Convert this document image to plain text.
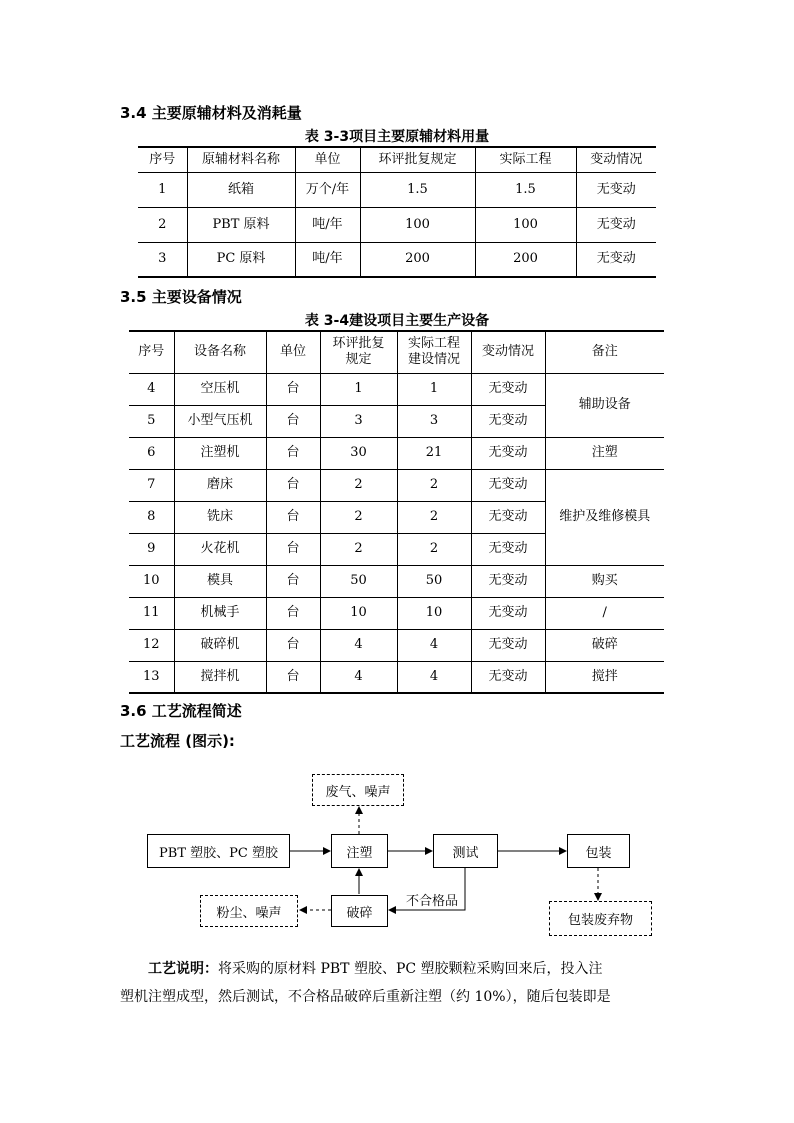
3.4 主要原辅材料及消耗量
表 3-3项目主要原辅材料用量
序号	原辅材料名称	单位	环评批复规定	实际工程	变动情况
1	纸箱	万个/年	1.5	1.5	无变动
2	PBT 原料	吨/年	100	100	无变动
3	PC 原料	吨/年	200	200	无变动
3.5 主要设备情况
表 3-4建设项目主要生产设备
序号	设备名称	单位	环评批复规定	实际工程建设情况	变动情况	备注
4	空压机	台	1	1	无变动	辅助设备
5	小型气压机	台	3	3	无变动	
6	注塑机	台	30	21	无变动	注塑
7	磨床	台	2	2	无变动	维护及维修模具
8	铣床	台	2	2	无变动	
9	火花机	台	2	2	无变动	
10	模具	台	50	50	无变动	购买
11	机械手	台	10	10	无变动	/
12	破碎机	台	4	4	无变动	破碎
13	搅拌机	台	4	4	无变动	搅拌
3.6 工艺流程简述
工艺流程 (图示):
PBT 塑胶、PC 塑胶	注塑	测试	包装
废气、噪声
破碎
粉尘、噪声	包装废弃物
不合格品
工艺说明：将采购的原材料 PBT 塑胶、PC 塑胶颗粒采购回来后，投入注
塑机注塑成型，然后测试，不合格品破碎后重新注塑（约 10%），随后包装即是
